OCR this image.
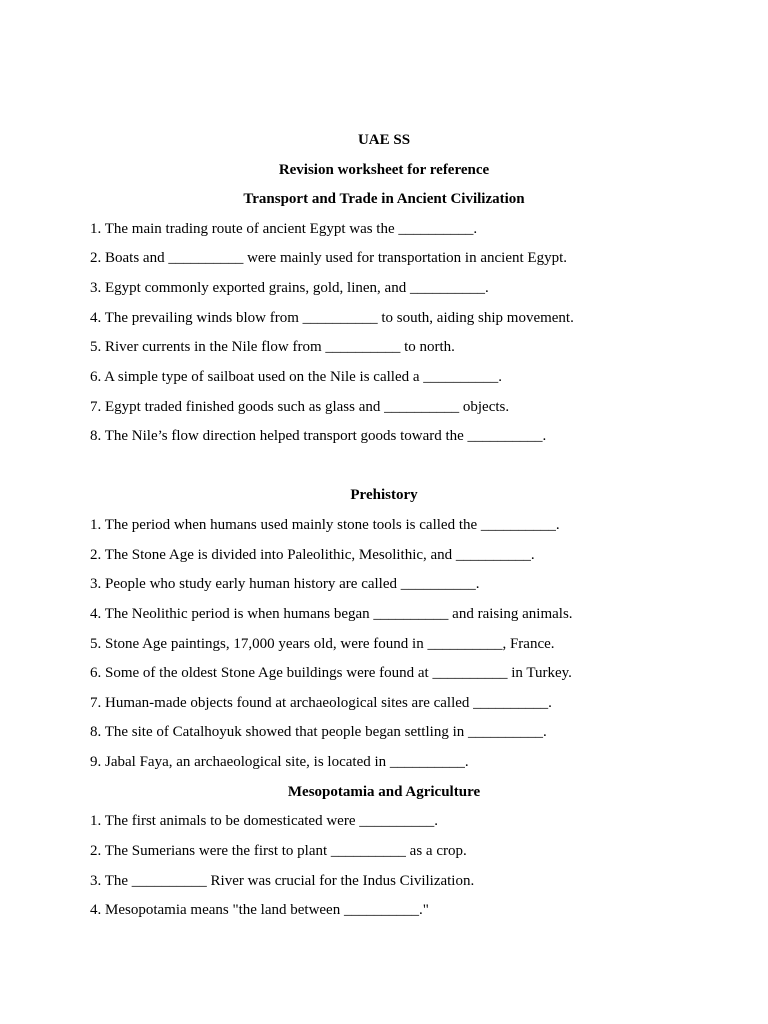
UAE SS
Revision worksheet for reference
Transport and Trade in Ancient Civilization
1. The main trading route of ancient Egypt was the __________.
2. Boats and __________ were mainly used for transportation in ancient Egypt.
3. Egypt commonly exported grains, gold, linen, and __________.
4. The prevailing winds blow from __________ to south, aiding ship movement.
5. River currents in the Nile flow from __________ to north.
6. A simple type of sailboat used on the Nile is called a __________.
7. Egypt traded finished goods such as glass and __________ objects.
8. The Nile’s flow direction helped transport goods toward the __________.
Prehistory
1. The period when humans used mainly stone tools is called the __________.
2. The Stone Age is divided into Paleolithic, Mesolithic, and __________.
3. People who study early human history are called __________.
4. The Neolithic period is when humans began __________ and raising animals.
5. Stone Age paintings, 17,000 years old, were found in __________, France.
6. Some of the oldest Stone Age buildings were found at __________ in Turkey.
7. Human-made objects found at archaeological sites are called __________.
8. The site of Catalhoyuk showed that people began settling in __________.
9. Jabal Faya, an archaeological site, is located in __________.
Mesopotamia and Agriculture
1. The first animals to be domesticated were __________.
2. The Sumerians were the first to plant __________ as a crop.
3. The __________ River was crucial for the Indus Civilization.
4. Mesopotamia means "the land between __________."
